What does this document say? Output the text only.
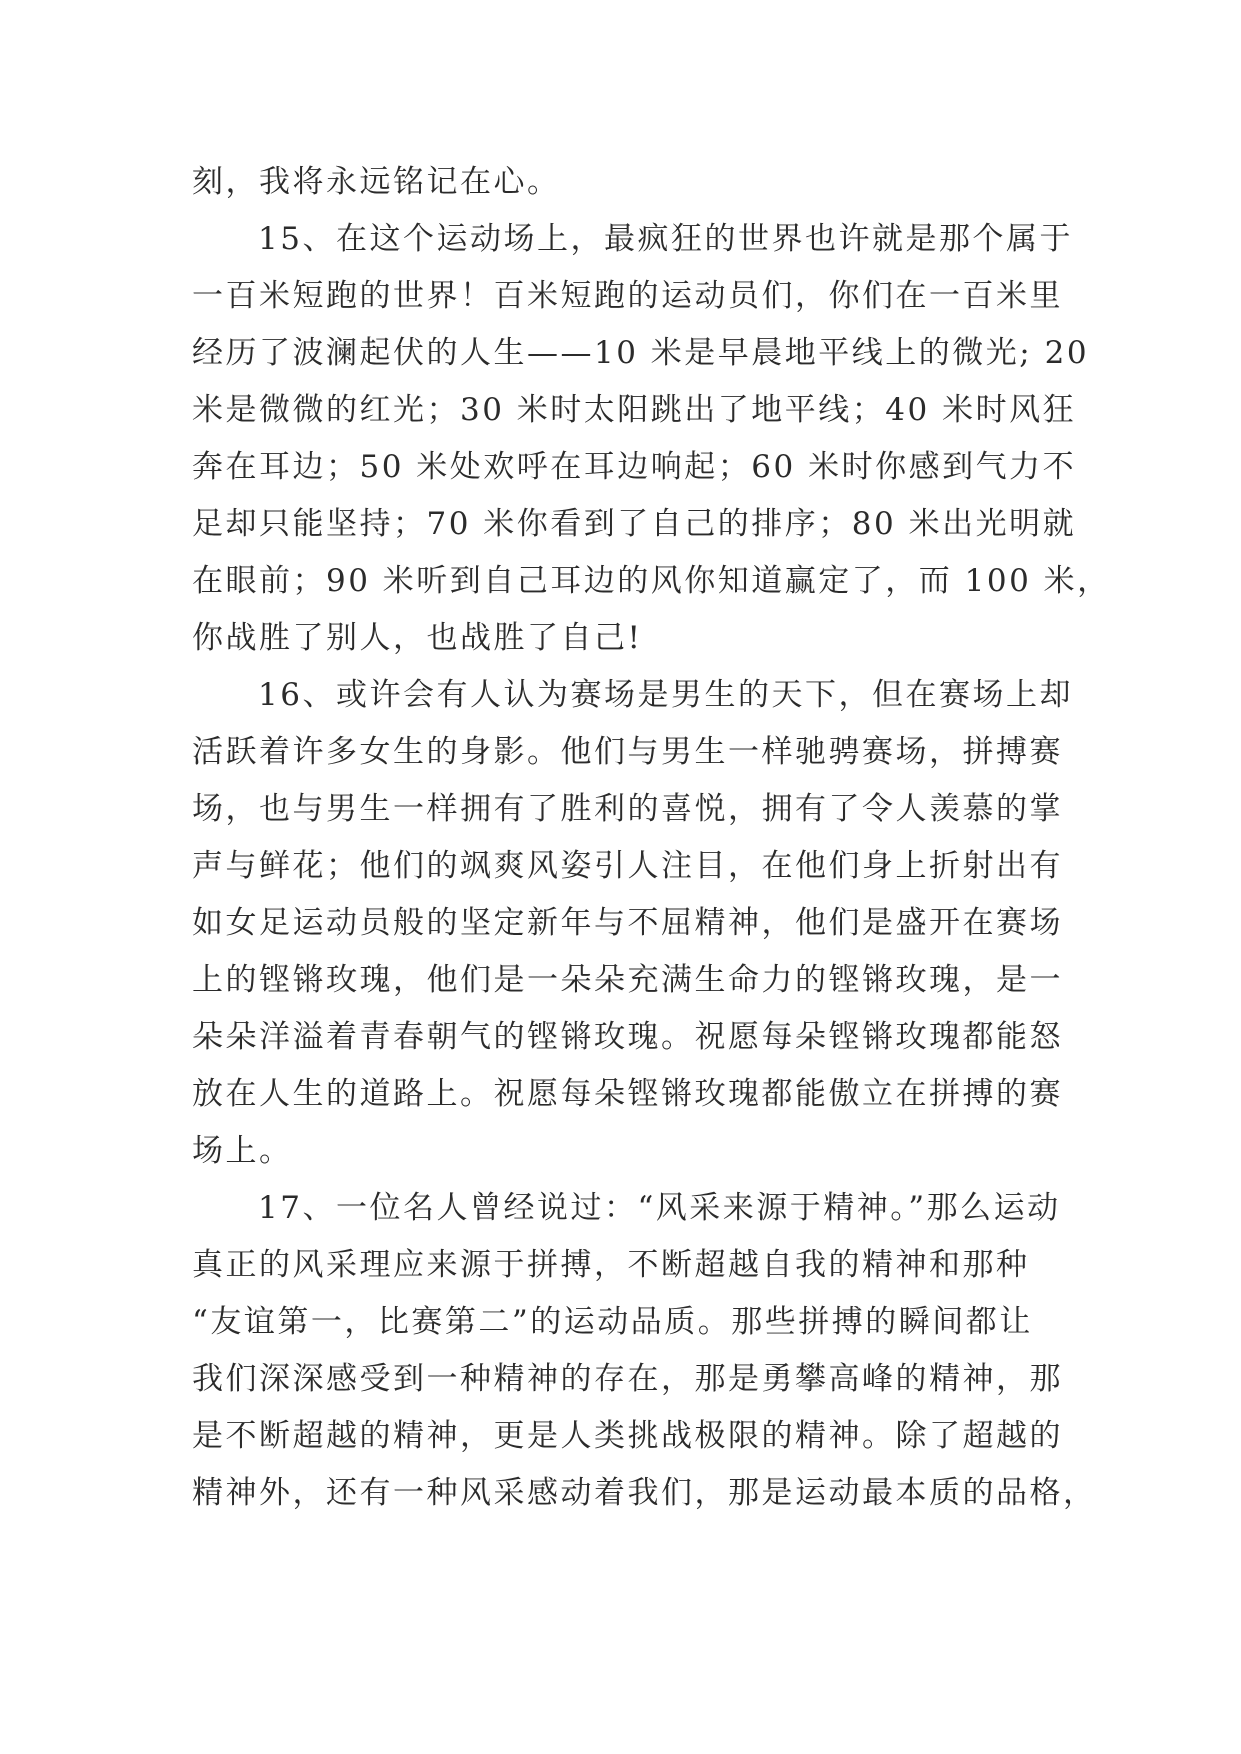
刻，我将永远铭记在心。
15、在这个运动场上，最疯狂的世界也许就是那个属于
一百米短跑的世界！百米短跑的运动员们，你们在一百米里
经历了波澜起伏的人生——10 米是早晨地平线上的微光; 20
米是微微的红光；30 米时太阳跳出了地平线；40 米时风狂
奔在耳边；50 米处欢呼在耳边响起；60 米时你感到气力不
足却只能坚持；70 米你看到了自己的排序；80 米出光明就
在眼前；90 米听到自己耳边的风你知道赢定了，而 100 米，
你战胜了别人，也战胜了自己!
16、或许会有人认为赛场是男生的天下，但在赛场上却
活跃着许多女生的身影。他们与男生一样驰骋赛场，拼搏赛
场，也与男生一样拥有了胜利的喜悦，拥有了令人羡慕的掌
声与鲜花；他们的飒爽风姿引人注目，在他们身上折射出有
如女足运动员般的坚定新年与不屈精神，他们是盛开在赛场
上的铿锵玫瑰，他们是一朵朵充满生命力的铿锵玫瑰，是一
朵朵洋溢着青春朝气的铿锵玫瑰。祝愿每朵铿锵玫瑰都能怒
放在人生的道路上。祝愿每朵铿锵玫瑰都能傲立在拼搏的赛
场上。
17、一位名人曾经说过：“风采来源于精神。”那么运动
真正的风采理应来源于拼搏，不断超越自我的精神和那种
“友谊第一，比赛第二”的运动品质。那些拼搏的瞬间都让
我们深深感受到一种精神的存在，那是勇攀高峰的精神，那
是不断超越的精神，更是人类挑战极限的精神。除了超越的
精神外，还有一种风采感动着我们，那是运动最本质的品格，
